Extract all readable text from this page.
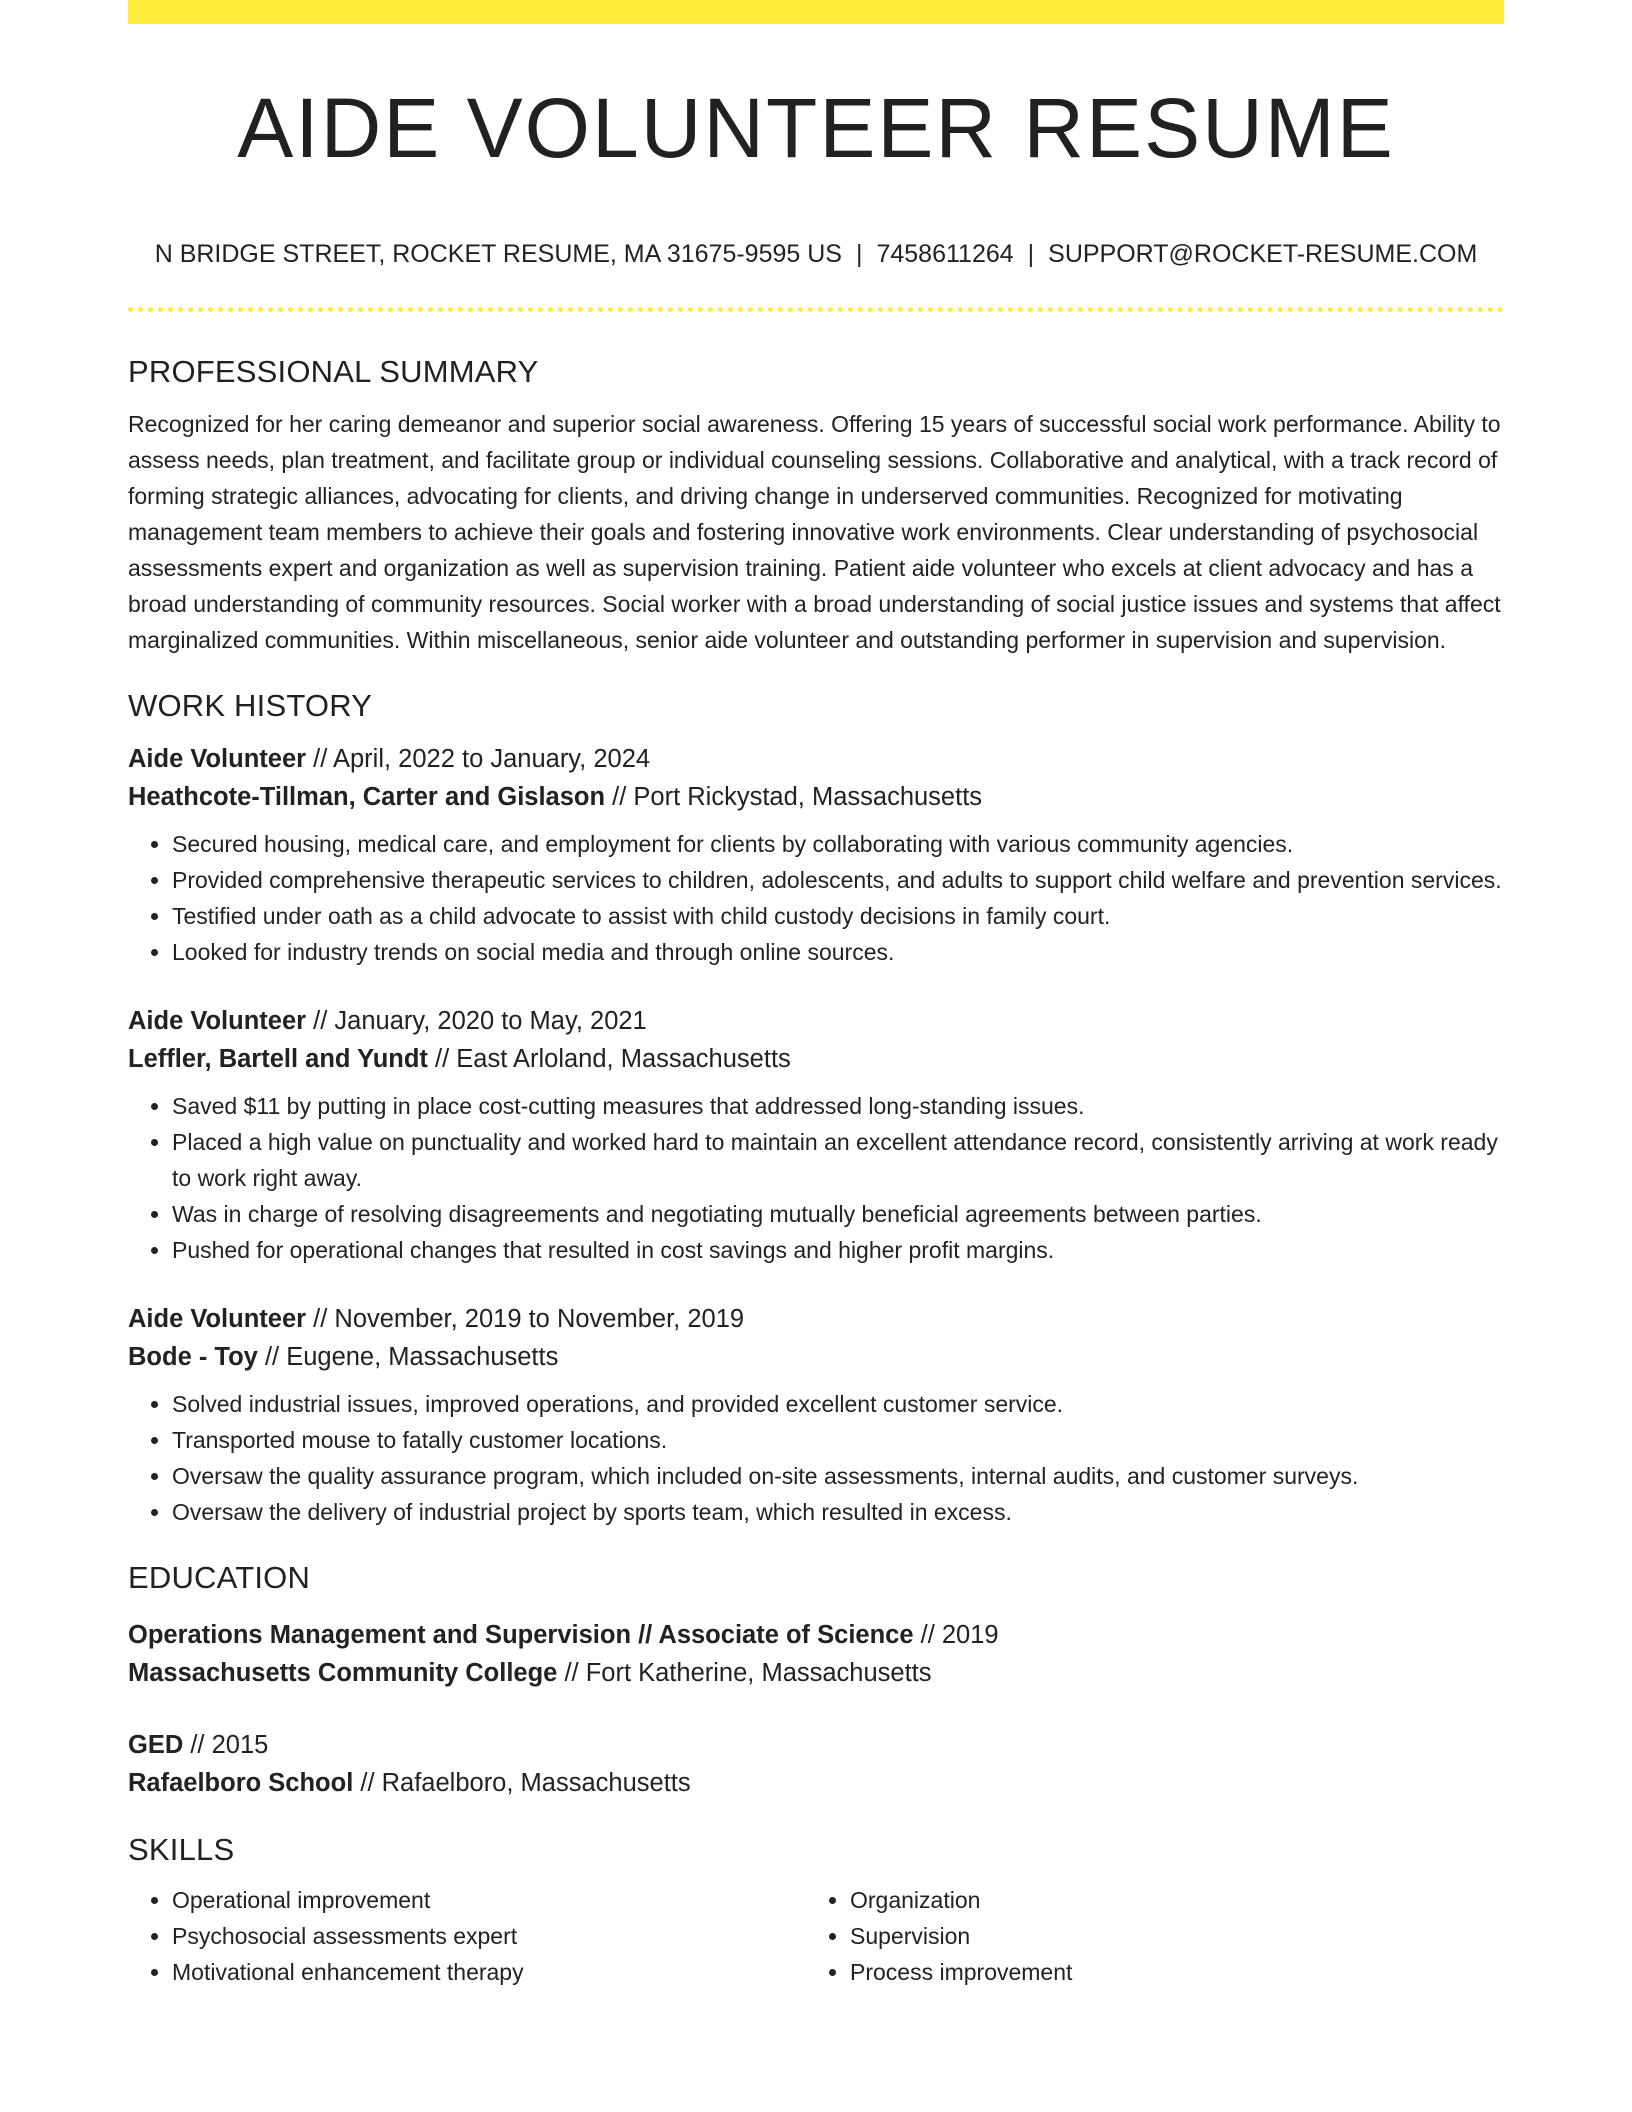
AIDE VOLUNTEER RESUME
N BRIDGE STREET, ROCKET RESUME, MA 31675-9595 US | 7458611264 | SUPPORT@ROCKET-RESUME.COM
PROFESSIONAL SUMMARY

Recognized for her caring demeanor and superior social awareness. Offering 15 years of successful social work performance. Ability to assess needs, plan treatment, and facilitate group or individual counseling sessions. Collaborative and analytical, with a track record of forming strategic alliances, advocating for clients, and driving change in underserved communities. Recognized for motivating management team members to achieve their goals and fostering innovative work environments. Clear understanding of psychosocial assessments expert and organization as well as supervision training. Patient aide volunteer who excels at client advocacy and has a broad understanding of community resources. Social worker with a broad understanding of social justice issues and systems that affect marginalized communities. Within miscellaneous, senior aide volunteer and outstanding performer in supervision and supervision.

WORK HISTORY
Aide Volunteer // April, 2022 to January, 2024
Heathcote-Tillman, Carter and Gislason // Port Rickystad, Massachusetts
• Secured housing, medical care, and employment for clients by collaborating with various community agencies.
• Provided comprehensive therapeutic services to children, adolescents, and adults to support child welfare and prevention services.
• Testified under oath as a child advocate to assist with child custody decisions in family court.
• Looked for industry trends on social media and through online sources.
Aide Volunteer // January, 2020 to May, 2021
Leffler, Bartell and Yundt // East Arloland, Massachusetts
• Saved $11 by putting in place cost-cutting measures that addressed long-standing issues.
• Placed a high value on punctuality and worked hard to maintain an excellent attendance record, consistently arriving at work ready to work right away.
• Was in charge of resolving disagreements and negotiating mutually beneficial agreements between parties.
• Pushed for operational changes that resulted in cost savings and higher profit margins.
Aide Volunteer // November, 2019 to November, 2019
Bode - Toy // Eugene, Massachusetts
• Solved industrial issues, improved operations, and provided excellent customer service.
• Transported mouse to fatally customer locations.
• Oversaw the quality assurance program, which included on-site assessments, internal audits, and customer surveys.
• Oversaw the delivery of industrial project by sports team, which resulted in excess.
EDUCATION
Operations Management and Supervision // Associate of Science // 2019
Massachusetts Community College // Fort Katherine, Massachusetts
GED // 2015
Rafaelboro School // Rafaelboro, Massachusetts
SKILLS
• Operational improvement
• Psychosocial assessments expert
• Motivational enhancement therapy
• Organization
• Supervision
• Process improvement
